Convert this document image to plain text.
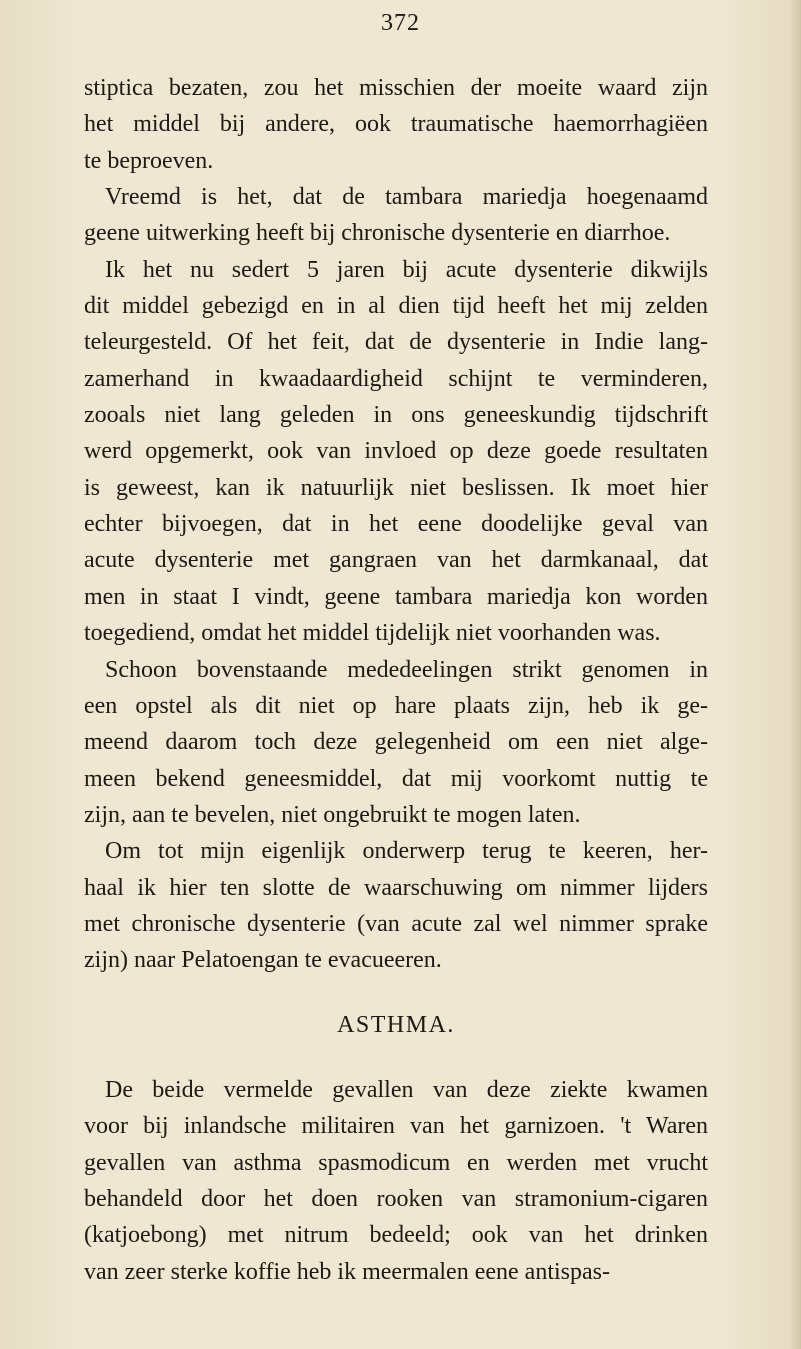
372
stiptica bezaten, zou het misschien der moeite waard zijn
het middel bij andere, ook traumatische haemorrhagiëen
te beproeven.
Vreemd is het, dat de tambara mariedja hoegenaamd
geene uitwerking heeft bij chronische dysenterie en diarrhoe.
Ik het nu sedert 5 jaren bij acute dysenterie dikwijls
dit middel gebezigd en in al dien tijd heeft het mij zelden
teleurgesteld. Of het feit, dat de dysenterie in Indie lang-
zamerhand in kwaadaardigheid schijnt te verminderen,
zooals niet lang geleden in ons geneeskundig tijdschrift
werd opgemerkt, ook van invloed op deze goede resultaten
is geweest, kan ik natuurlijk niet beslissen. Ik moet hier
echter bijvoegen, dat in het eene doodelijke geval van
acute dysenterie met gangraen van het darmkanaal, dat
men in staat I vindt, geene tambara mariedja kon worden
toegediend, omdat het middel tijdelijk niet voorhanden was.
Schoon bovenstaande mededeelingen strikt genomen in
een opstel als dit niet op hare plaats zijn, heb ik ge-
meend daarom toch deze gelegenheid om een niet alge-
meen bekend geneesmiddel, dat mij voorkomt nuttig te
zijn, aan te bevelen, niet ongebruikt te mogen laten.
Om tot mijn eigenlijk onderwerp terug te keeren, her-
haal ik hier ten slotte de waarschuwing om nimmer lijders
met chronische dysenterie (van acute zal wel nimmer sprake
zijn) naar Pelatoengan te evacueeren.
ASTHMA.
De beide vermelde gevallen van deze ziekte kwamen
voor bij inlandsche militairen van het garnizoen. 't Waren
gevallen van asthma spasmodicum en werden met vrucht
behandeld door het doen rooken van stramonium-cigaren
(katjoebong) met nitrum bedeeld; ook van het drinken
van zeer sterke koffie heb ik meermalen eene antispas-
